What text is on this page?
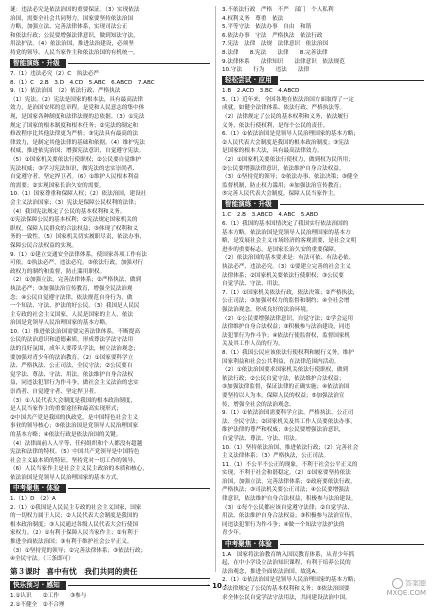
谜：违法必究是依法治国的重要保证。（3）实现依法

治国，需要全社会共同努力。国家要坚持依法治国

方略，加强立法、完善法律体系，实现司法公正

和依法行政；公民要增强法律意识，做到知法守法，

用法护法。（4）依法治国，推进法治建设，必须坚

持党的领导、人民当家作主和依法治国的有机统一。

智能演练 · 升级

7.（1）违法必究（2）C　执法必严

8.（1）C　2.B　3.D　4.CD　5.ABC　6.ABCD　7.ABC

9.（1）依法治国　（2）依法行政、严格执法

（1）宪法。（2）宪法是国家的根本法，具有最高法律

效力，是治国安邦的总章程，是党和人民意志的集中体

现，是国家各种制度和法律法规的总依据。（3）①宪法

规定了国家的根本制度和根本任务；②宪法的制定和

修改程序比其他法律更为严格；③宪法具有最高的法

律效力，是制定其他法律的基础和依据。（4）维护宪法

权威，推进依宪治国；增强宪法意识，自觉遵守宪法。

（5）①国家机关要依法行使职权；②公民要自觉维护

宪法权威；③学习宪法知识，做宪法的忠实崇尚者、

自觉遵守者、坚定捍卫者。（6）①维护人民根本利益

的需要；②实现国家长治久安的需要。

10.（1）国家尊重和保障人权；（2）依法治国，建设社

会主义法治国家；（3）宪法是保障公民权利的法律；

（4）我国宪法规定了公民的基本权利和义务。

①宪法保障公民的基本权利；②宪法规定国家机关的

职权，保障人民群众的合法权益；③体现了权利和义

务的一致性。（5）国家机关切实履职尽责，依法办事，

保障公民合法权益的实现。

9.（1）①建立交通安全法律体系，使国家各项工作有法

可依。②执法必严，违法必究。③依法行政，加强对行

政权力的制约和监督，防止滥用职权。

（2）①加强立法，完善法律体系；②严格执法，做到

执法必严；③加强法治宣传教育，增强全民法治观

念；④公民自觉遵守法律，依法规范自身行为，做

一个知法、守法、护法的好公民。（3）我国是人民民

主专政的社会主义国家，人民是国家的主人，依法

治国是党领导人民治理国家的基本方略。

10.（1）推进依法治国需要完善法律体系，不断提高

公民的法治意识和道德素质，形成尊法学法守法用

法的良好氛围，成年人要带头学法，树立法治观念；

要加强对青少年的法治教育。（2）①国家要科学立

法、严格执法、公正司法、全民守法；②公民要自

觉学法、尊法、守法、用法，依法维护自身合法权

益，同违法犯罪行为作斗争，做社会主义法治的忠实

崇尚者、自觉遵守者、坚定捍卫者。

（3）①人民代表大会制度是我国的根本政治制度，

是人民当家作主的重要途径和最高实现形式；

②中国共产党是我国的执政党，是中国特色社会主义

事业的领导核心；③依法治国是党领导人民治理国家

的基本方略；④依法行政是依法治国的关键。

（4）法律面前人人平等，任何组织和个人都没有超越

宪法和法律的特权。（5）中国共产党领导是中国特色

社会主义最本质的特征，坚持党对一切工作的领导。

（6）人民当家作主是社会主义民主政治的本质和核心，

依法治国是党领导人民治理国家的基本方式。

中考聚焦 · 体验

1.（1）D　（2）A

2.（1）①我国是人民民主专政的社会主义国家，国家

的一切权力属于人民；②人民代表大会制度是我国的

根本政治制度；③人民通过各级人民代表大会行使国

家权力。（2）①有利于保障人民当家作主；②有利于

推进全面依法治国；③有利于维护社会公平正义。

（3）①坚持党的领导；②完善法律体系；③依法行政；

④全民守法。（三条即可）

第３课时 喜中有忧　我们共同的责任
快乐预习 · 感知

1.①认识　　②工作　　③参与

2.①不健全　②不合理

3.不依法行政　严格　不严　部门　个人私利

4.权利义务　尊重　依法

5.平等守法　依法办事　自由　和谐

6.依法办事　守法　严格执法　依法行政

7.宪法　法律　法规　法律意识　依法治国

8.法律　　8.宪法　　法律　　8.完善法律

9.法律体系　　法律知识　　法律意识　依法规范

10.守法　　行为　　违法　　法律

轻松尝试 · 应用

1.B　2.ACD　3.BC　4.ABCD

5.（1）近年来，全国各地在依法治国方面取得了一定

成就，如健全法律体系、依法行政、严格执法等。

（2）法律规定了公民的基本权利和义务，依法履行

义务，依法行使权利，是每个公民的责任。

6.（1）①依法治国是党领导人民治理国家的基本方略；

②人民代表大会制度是我国的根本政治制度；③宪法

是国家的根本大法，具有最高法律效力。

（2）①国家机关要依法行使权力，做到权为民所用；

②公民要增强法律意识，依法维护自身合法权益。

（3）①坚持党的领导；②依法办事、依法决策；③健全

监督机制，防止权力滥用；④加强法治宣传教育；

⑤完善人民代表大会制度，保障人民当家作主。

智能演练 · 升级

1.C　2.B　3.ABCD　4.ABC　5.ABD

6.（1）我国的基本国情决定了我国实行依法治国的

基本方略。依法治国是党领导人民治理国家的基本方

略，是发展社会主义市场经济的客观需要，是社会文明

进步的重要标志，是国家长治久安的重要保障。

（2）依法治国的基本要求是：有法可依、有法必依、

执法必严、违法必究。（3）①要建立完善的社会主义

法律体系；②国家机关要依法行使职权；③公民要

自觉学法、守法、用法。

7.（1）①国家机关依法行政，依法决策；②严格执法，

公正司法；③加强对权力的监督和制约；④全社会增

强法治观念，形成良好的法治环境。

（2）①公民要增强法律意识，自觉守法；②学会运用

法律维护自身合法权益；③积极参与法治建设，同违

法犯罪行为作斗争；④依法行使监督权，监督国家机

关及其工作人员的行为。

8.（1）我国公民应该依法行使权利和履行义务，维护

国家利益和社会公共利益，在法律范围内活动。

（2）①依法治国要求国家机关依法行使职权，做到

依法行政；②公民自觉守法，依法维护合法权益；

③加强法律监督，保证法律的正确实施；④依法治国

要坚持以人为本，保障人民的权益；⑤加强法治宣

传，增强全社会的法治观念。

9.（1）①依法治国需要科学立法、严格执法、公正司

法、全民守法；②国家机关及其工作人员要依法办事，

维护法律的尊严和权威；③公民要增强法治意识，

自觉学法、尊法、守法、用法。

10.（1）坚持依法治国，推进依法行政；（2）完善社会

主义法律体系；（3）严格执法，公正司法。

11.（1）不公平不公正的现象，不利于社会公平正义的

实现，不利于社会和谐稳定。（2）①国家要坚持依法

治国，加强立法，完善法律体系；②政府要依法行政，

严格执法；③司法机关要公正司法；④公民要增强法

律意识，依法维护自身合法权益，积极参与法治建设。

（3）①每个公民都应该自觉遵守法律；②自觉学法、

用法，依法维护自身合法权益；③积极参与法治宣传，

同违法犯罪行为作斗争；④做一个知法守法护法的

青少年。

中考聚焦 · 体验

1.A　国家将法治教育纳入国民教育体系，从青少年抓

起，在中小学设立法治知识课程，有利于培养公民的

法治观念，推进全面依法治国。故选A。

2.（1）①依法治国是党领导人民治理国家的基本方略；

②法律规定了公民的基本权利和义务；③依法治国要

求全体公民自觉学法守法用法，共同建设法治中国。

· 10 ·	答案圈
MXQE.COM
